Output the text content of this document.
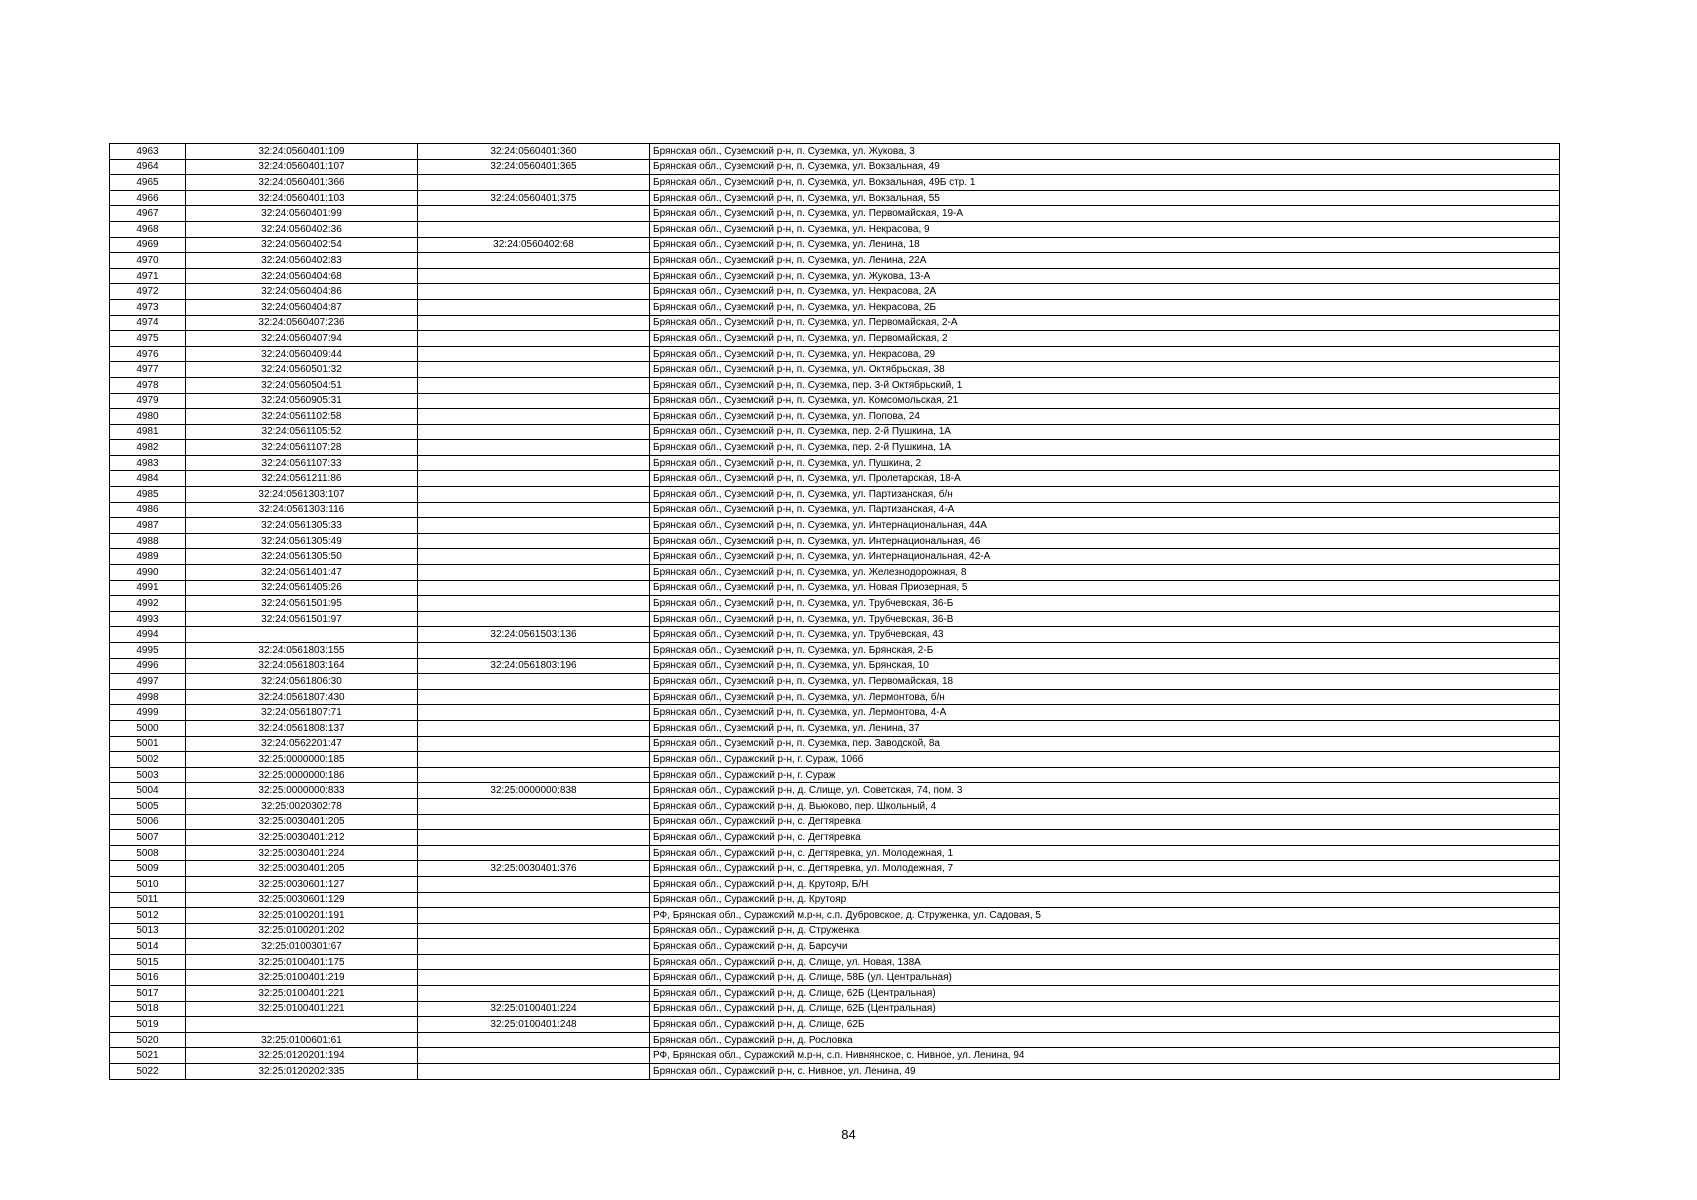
4963	32:24:0560401:109	32:24:0560401:360	Брянская обл., Суземский р-н, п. Суземка, ул. Жукова, 3
4964	32:24:0560401:107	32:24:0560401:365	Брянская обл., Суземский р-н, п. Суземка, ул. Вокзальная, 49
4965	32:24:0560401:366		Брянская обл., Суземский р-н, п. Суземка, ул. Вокзальная, 49Б стр. 1
4966	32:24:0560401:103	32:24:0560401:375	Брянская обл., Суземский р-н, п. Суземка, ул. Вокзальная, 55
4967	32:24:0560401:99		Брянская обл., Суземский р-н, п. Суземка, ул. Первомайская, 19-А
4968	32:24:0560402:36		Брянская обл., Суземский р-н, п. Суземка, ул. Некрасова, 9
4969	32:24:0560402:54	32:24:0560402:68	Брянская обл., Суземский р-н, п. Суземка, ул. Ленина, 18
4970	32:24:0560402:83		Брянская обл., Суземский р-н, п. Суземка, ул. Ленина, 22А
4971	32:24:0560404:68		Брянская обл., Суземский р-н, п. Суземка, ул. Жукова, 13-А
4972	32:24:0560404:86		Брянская обл., Суземский р-н, п. Суземка, ул. Некрасова, 2А
4973	32:24:0560404:87		Брянская обл., Суземский р-н, п. Суземка, ул. Некрасова, 2Б
4974	32:24:0560407:236		Брянская обл., Суземский р-н, п. Суземка, ул. Первомайская, 2-А
4975	32:24:0560407:94		Брянская обл., Суземский р-н, п. Суземка, ул. Первомайская, 2
4976	32:24:0560409:44		Брянская обл., Суземский р-н, п. Суземка, ул. Некрасова, 29
4977	32:24:0560501:32		Брянская обл., Суземский р-н, п. Суземка, ул. Октябрьская, 38
4978	32:24:0560504:51		Брянская обл., Суземский р-н, п. Суземка, пер. 3-й Октябрьский, 1
4979	32:24:0560905:31		Брянская обл., Суземский р-н, п. Суземка, ул. Комсомольская, 21
4980	32:24:0561102:58		Брянская обл., Суземский р-н, п. Суземка, ул. Попова, 24
4981	32:24:0561105:52		Брянская обл., Суземский р-н, п. Суземка, пер. 2-й Пушкина, 1А
4982	32:24:0561107:28		Брянская обл., Суземский р-н, п. Суземка, пер. 2-й Пушкина, 1А
4983	32:24:0561107:33		Брянская обл., Суземский р-н, п. Суземка, ул. Пушкина, 2
4984	32:24:0561211:86		Брянская обл., Суземский р-н, п. Суземка, ул. Пролетарская, 18-А
4985	32:24:0561303:107		Брянская обл., Суземский р-н, п. Суземка, ул. Партизанская, б/н
4986	32:24:0561303:116		Брянская обл., Суземский р-н, п. Суземка, ул. Партизанская, 4-А
4987	32:24:0561305:33		Брянская обл., Суземский р-н, п. Суземка, ул. Интернациональная, 44А
4988	32:24:0561305:49		Брянская обл., Суземский р-н, п. Суземка, ул. Интернациональная, 46
4989	32:24:0561305:50		Брянская обл., Суземский р-н, п. Суземка, ул. Интернациональная, 42-А
4990	32:24:0561401:47		Брянская обл., Суземский р-н, п. Суземка, ул. Железнодорожная, 8
4991	32:24:0561405:26		Брянская обл., Суземский р-н, п. Суземка, ул. Новая Приозерная, 5
4992	32:24:0561501:95		Брянская обл., Суземский р-н, п. Суземка, ул. Трубчевская, 36-Б
4993	32:24:0561501:97		Брянская обл., Суземский р-н, п. Суземка, ул. Трубчевская, 36-В
4994		32:24:0561503:136	Брянская обл., Суземский р-н, п. Суземка, ул. Трубчевская, 43
4995	32:24:0561803:155		Брянская обл., Суземский р-н, п. Суземка, ул. Брянская, 2-Б
4996	32:24:0561803:164	32:24:0561803:196	Брянская обл., Суземский р-н, п. Суземка, ул. Брянская, 10
4997	32:24:0561806:30		Брянская обл., Суземский р-н, п. Суземка, ул. Первомайская, 18
4998	32:24:0561807:430		Брянская обл., Суземский р-н, п. Суземка, ул. Лермонтова, б/н
4999	32:24:0561807:71		Брянская обл., Суземский р-н, п. Суземка, ул. Лермонтова, 4-А
5000	32:24:0561808:137		Брянская обл., Суземский р-н, п. Суземка, ул. Ленина, 37
5001	32:24:0562201:47		Брянская обл., Суземский р-н, п. Суземка, пер. Заводской, 8а
5002	32:25:0000000:185		Брянская обл., Суражский р-н, г. Сураж, 106б
5003	32:25:0000000:186		Брянская обл., Суражский р-н, г. Сураж
5004	32:25:0000000:833	32:25:0000000:838	Брянская обл., Суражский р-н, д. Слище, ул. Советская, 74, пом. 3
5005	32:25:0020302:78		Брянская обл., Суражский р-н, д. Вьюково, пер. Школьный, 4
5006	32:25:0030401:205		Брянская обл., Суражский р-н, с. Дегтяревка
5007	32:25:0030401:212		Брянская обл., Суражский р-н, с. Дегтяревка
5008	32:25:0030401:224		Брянская обл., Суражский р-н, с. Дегтяревка, ул. Молодежная, 1
5009	32:25:0030401:205	32:25:0030401:376	Брянская обл., Суражский р-н, с. Дегтяревка, ул. Молодежная, 7
5010	32:25:0030601:127		Брянская обл., Суражский р-н, д. Крутояр, Б/Н
5011	32:25:0030601:129		Брянская обл., Суражский р-н, д. Крутояр
5012	32:25:0100201:191		РФ, Брянская обл., Суражский м.р-н, с.п. Дубровское, д. Струженка, ул. Садовая, 5
5013	32:25:0100201:202		Брянская обл., Суражский р-н, д. Струженка
5014	32:25:0100301:67		Брянская обл., Суражский р-н, д. Барсучи
5015	32:25:0100401:175		Брянская обл., Суражский р-н, д. Слище, ул. Новая, 138А
5016	32:25:0100401:219		Брянская обл., Суражский р-н, д. Слище, 58Б (ул. Центральная)
5017	32:25:0100401:221		Брянская обл., Суражский р-н, д. Слище, 62Б (Центральная)
5018	32:25:0100401:221	32:25:0100401:224	Брянская обл., Суражский р-н, д. Слище, 62Б (Центральная)
5019		32:25:0100401:248	Брянская обл., Суражский р-н, д. Слище, 62Б
5020	32:25:0100601:61		Брянская обл., Суражский р-н, д. Рословка
5021	32:25:0120201:194		РФ, Брянская обл., Суражский м.р-н, с.п. Нивнянское, с. Нивное, ул. Ленина, 94
5022	32:25:0120202:335		Брянская обл., Суражский р-н, с. Нивное, ул. Ленина, 49
84
